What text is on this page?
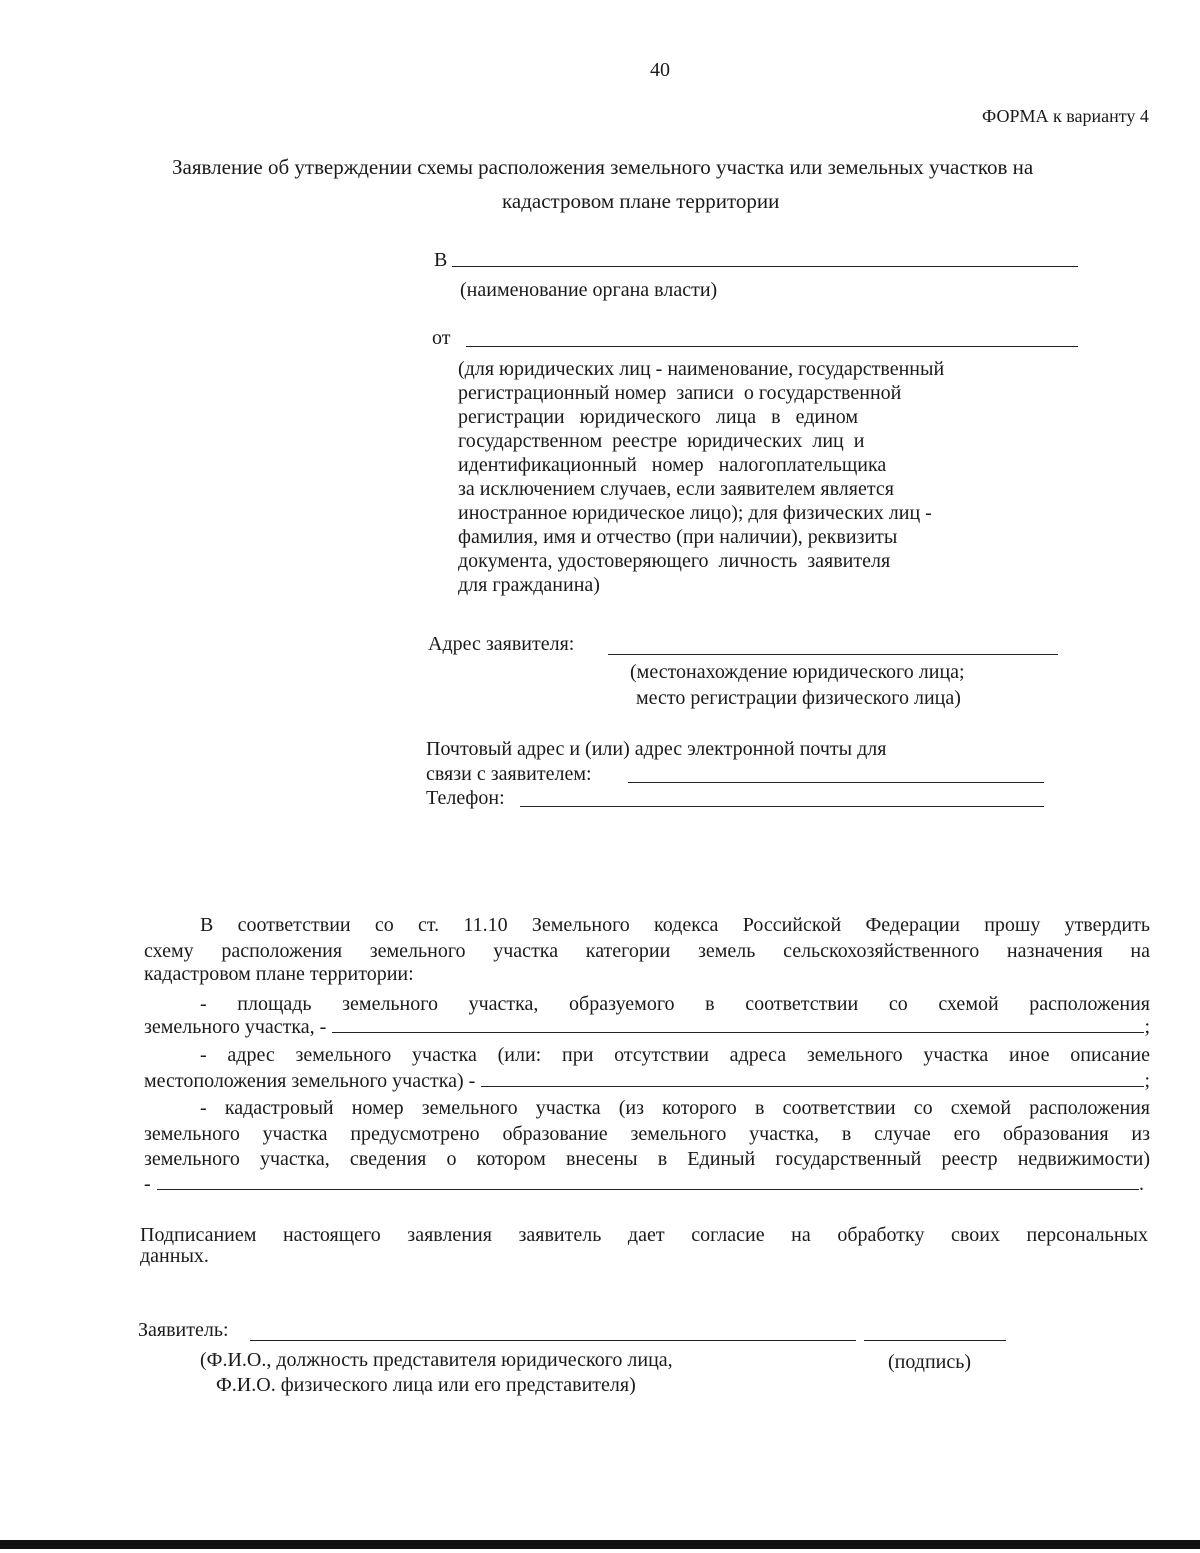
40
ФОРМА к варианту 4
Заявление об утверждении схемы расположения земельного участка или земельных участков на
кадастровом плане территории
В
(наименование органа власти)
от
(для юридических лиц - наименование, государственный
регистрационный номер  записи  о государственной
регистрации   юридического   лица   в   едином
государственном  реестре  юридических  лиц  и
идентификационный   номер   налогоплательщика
за исключением случаев, если заявителем является
иностранное юридическое лицо); для физических лиц -
фамилия, имя и отчество (при наличии), реквизиты
документа, удостоверяющего  личность  заявителя
для гражданина)
Адрес заявителя:
(местонахождение юридического лица;
место регистрации физического лица)
Почтовый адрес и (или) адрес электронной почты для
связи с заявителем:
Телефон:
В соответствии со ст. 11.10 Земельного кодекса Российской Федерации прошу утвердить
схему расположения земельного участка категории земель сельскохозяйственного назначения на
кадастровом плане территории:
- площадь земельного участка, образуемого в соответствии со схемой расположения
земельного участка, -	;
- адрес земельного участка (или: при отсутствии адреса земельного участка иное описание
местоположения земельного участка) -	;
- кадастровый номер земельного участка (из которого в соответствии со схемой расположения
земельного участка предусмотрено образование земельного участка, в случае его образования из
земельного участка, сведения о котором внесены в Единый государственный реестр недвижимости)
-	.
Подписанием настоящего заявления заявитель дает согласие на обработку своих персональных
данных.
Заявитель:
(Ф.И.О., должность представителя юридического лица,
Ф.И.О. физического лица или его представителя)
(подпись)
